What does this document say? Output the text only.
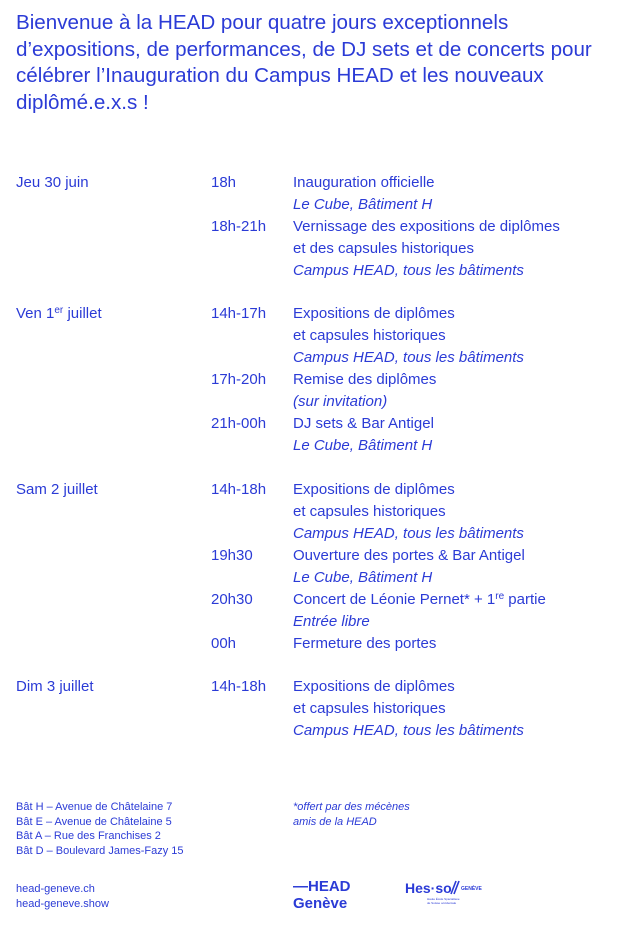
Bienvenue à la HEAD pour quatre jours exceptionnels d’expositions, de performances, de DJ sets et de concerts pour célébrer l’Inauguration du Campus HEAD et les nouveaux diplômé.e.x.s !

Jeu 30 juin	18h	Inauguration officielle
Le Cube, Bâtiment H
18h-21h Vernissage des expositions de diplômes
et des capsules historiques
Campus HEAD, tous les bâtiments
Ven 1er juillet	14h-17h Expositions de diplômes
et capsules historiques
Campus HEAD, tous les bâtiments
17h-20h Remise des diplômes
(sur invitation)
21h-00h DJ sets & Bar Antigel
Le Cube, Bâtiment H
Sam 2 juillet	14h-18h Expositions de diplômes
et capsules historiques
Campus HEAD, tous les bâtiments
19h30	Ouverture des portes & Bar Antigel
Le Cube, Bâtiment H
20h30	Concert de Léonie Pernet* + 1re partie
Entrée libre
00h	Fermeture des portes
Dim 3 juillet	14h-18h Expositions de diplômes
et capsules historiques
Campus HEAD, tous les bâtiments
Bât H – Avenue de Châtelaine 7
Bât E – Avenue de Châtelaine 5
Bât A – Rue des Franchises 2
Bât D – Boulevard James-Fazy 15
*offert par des mécènes
amis de la HEAD
head-geneve.ch
head-geneve.show
—HEAD
Genève
Hes·so GENÈVE
Haute École Spécialisée
de Suisse occidentale
